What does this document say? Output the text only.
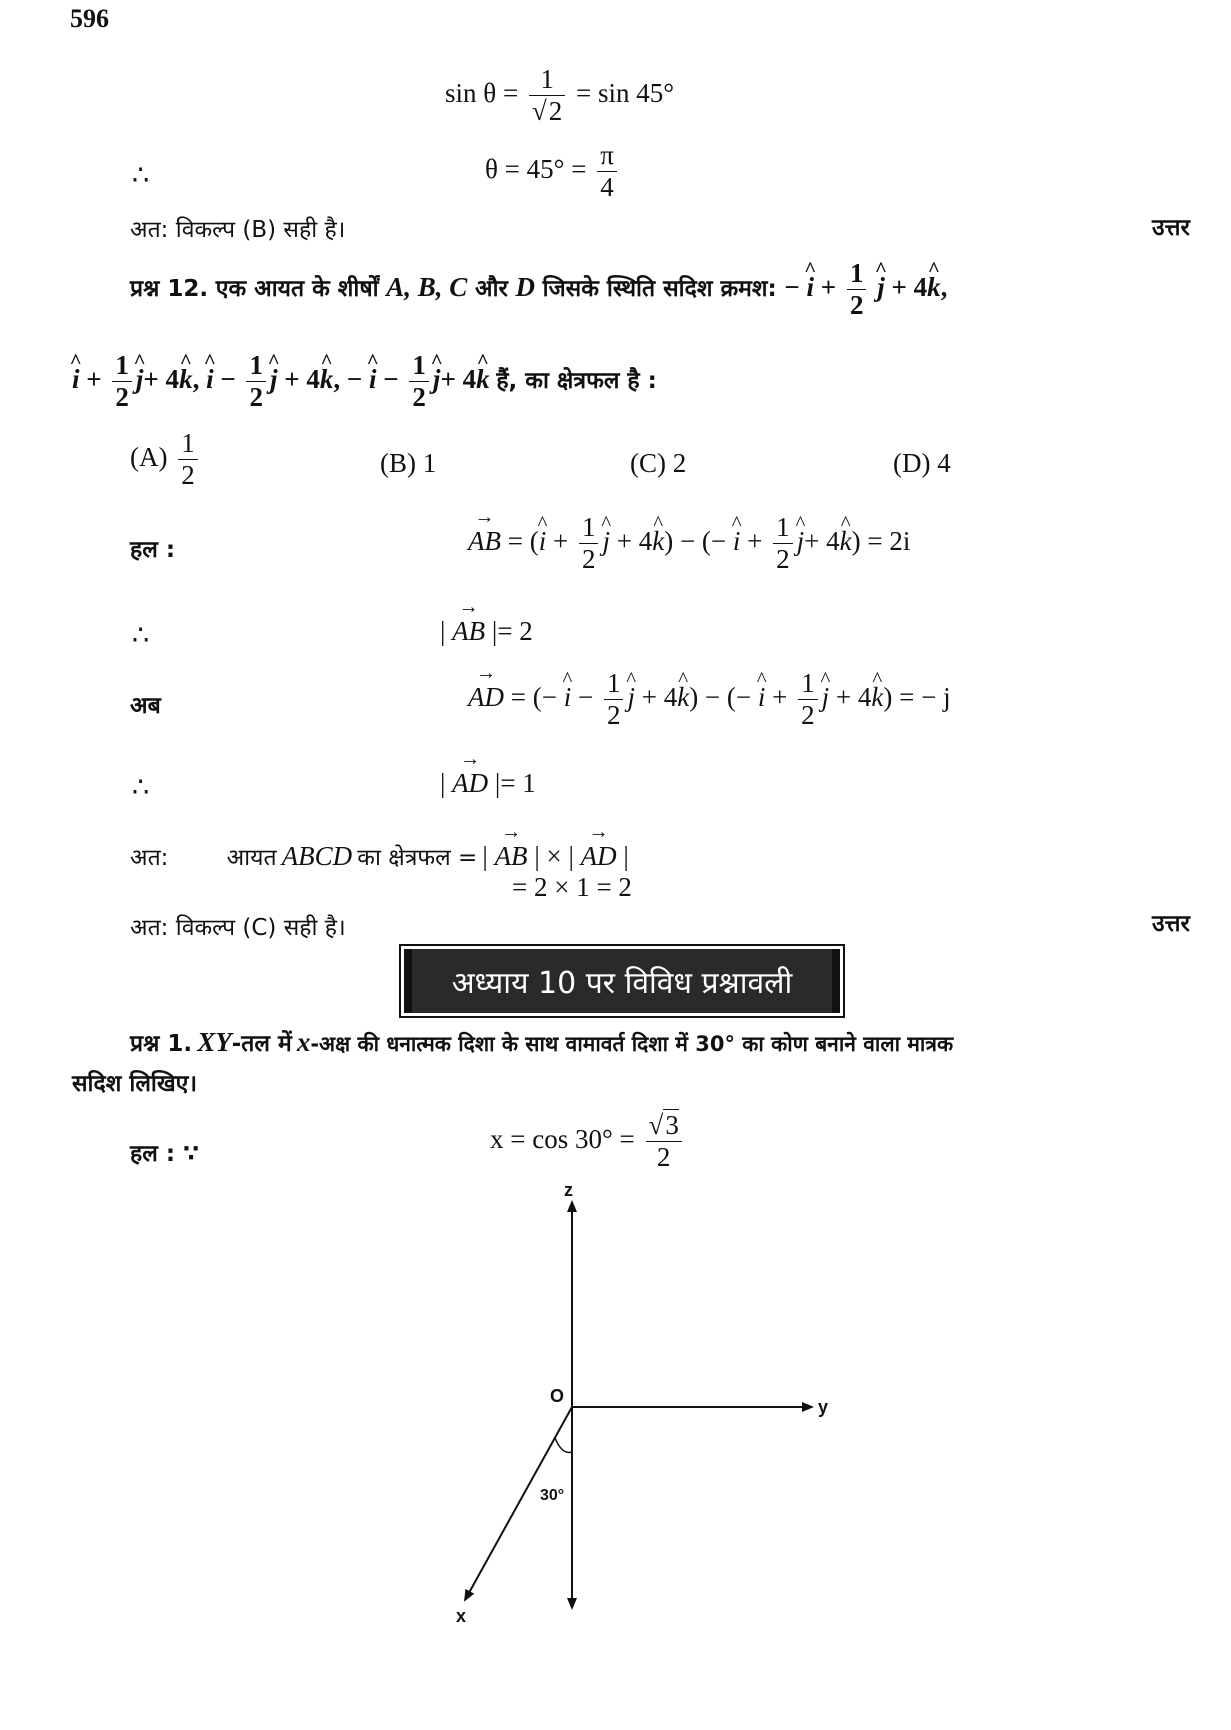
596
$\sin \theta = \frac{1}{√2} = \sin 45^\circ$
∴	$\theta = 45^\circ = \frac{\pi}{4}$
अत: विकल्प (B) सही है।	उत्तर
प्रश्न 12. एक आयत के शीर्षों A, B, C और D जिसके स्थिति सदिश क्रमश: − ^ $i + \frac{1}{2}$ ^ j + 4^ k,
^ $i + \frac{1}{2}$ ^ j+ 4^ k, ^ $i - \frac{1}{2}$ ^ j + 4^ k, − ^ $i - \frac{1}{2}$ ^ j+ 4^ k हैं, का क्षेत्रफल है :
$(A) \frac{1}{2}$	(B) 1	(C) 2	(D) 4
हल :	→ AB = (^ $i + \frac{1}{2}$ ^ j + 4^ k) − (− ^ $i + \frac{1}{2}$ ^ j+ 4^ k) = 2i
∴	| → AB |= 2
अब	→ AD = (− ^ $i - \frac{1}{2}$ ^ j + 4^ k) − (− ^ $i + \frac{1}{2}$ ^ j + 4^ k) = − j
∴	| → AD |= 1
अत:	आयत ABCD का क्षेत्रफल = | → AB | × | → AD |
= 2 × 1 = 2
अत: विकल्प (C) सही है।	उत्तर
अध्याय 10 पर विविध प्रश्नावली
प्रश्न 1. XY-तल में x-अक्ष की धनात्मक दिशा के साथ वामावर्त दिशा में 30° का कोण बनाने वाला मात्रक
सदिश लिखिए।
हल : ∵
$x = \cos 30^\circ = \frac{√3}{2}$
z
y
x
O
30°
